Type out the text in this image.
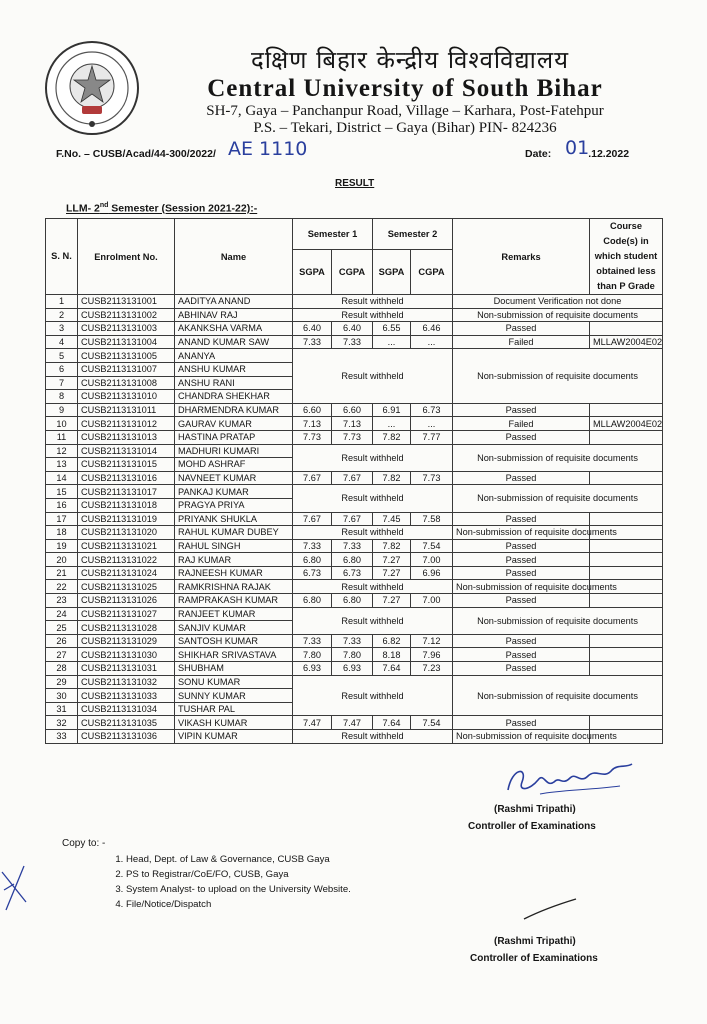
दक्षिण बिहार केन्द्रीय विश्वविद्यालय
Central University of South Bihar
SH-7, Gaya – Panchanpur Road, Village – Karhara, Post-Fatehpur
P.S. – Tekari, District – Gaya (Bihar) PIN- 824236
F.No. – CUSB/Acad/44-300/2022/ AE 1110	Date:	.12.2022
01
RESULT
LLM- 2nd Semester (Session 2021-22):-
S. N.	Enrolment No.	Name	Semester 1		Semester 2		Remarks	Course Code(s) in which student obtained less than P Grade
			SGPA	CGPA	SGPA	CGPA		
1	CUSB2113131001	AADITYA ANAND	Result withheld				Document Verification not done	
2	CUSB2113131002	ABHINAV RAJ	Result withheld				Non-submission of requisite documents	
3	CUSB2113131003	AKANKSHA VARMA	6.40	6.40	6.55	6.46	Passed	
4	CUSB2113131004	ANAND KUMAR SAW	7.33	7.33	...	...	Failed	MLLAW2004E02
5	CUSB2113131005	ANANYA	Result withheld				Non-submission of requisite documents	
6	CUSB2113131007	ANSHU KUMAR						
7	CUSB2113131008	ANSHU RANI						
8	CUSB2113131010	CHANDRA SHEKHAR						
9	CUSB2113131011	DHARMENDRA KUMAR	6.60	6.60	6.91	6.73	Passed	
10	CUSB2113131012	GAURAV KUMAR	7.13	7.13	...	...	Failed	MLLAW2004E02
11	CUSB2113131013	HASTINA PRATAP	7.73	7.73	7.82	7.77	Passed	
12	CUSB2113131014	MADHURI KUMARI	Result withheld				Non-submission of requisite documents	
13	CUSB2113131015	MOHD ASHRAF						
14	CUSB2113131016	NAVNEET KUMAR	7.67	7.67	7.82	7.73	Passed	
15	CUSB2113131017	PANKAJ KUMAR	Result withheld				Non-submission of requisite documents	
16	CUSB2113131018	PRAGYA PRIYA						
17	CUSB2113131019	PRIYANK SHUKLA	7.67	7.67	7.45	7.58	Passed	
18	CUSB2113131020	RAHUL KUMAR DUBEY	Result withheld				Non-submission of requisite documents	
19	CUSB2113131021	RAHUL SINGH	7.33	7.33	7.82	7.54	Passed	
20	CUSB2113131022	RAJ KUMAR	6.80	6.80	7.27	7.00	Passed	
21	CUSB2113131024	RAJNEESH KUMAR	6.73	6.73	7.27	6.96	Passed	
22	CUSB2113131025	RAMKRISHNA RAJAK	Result withheld				Non-submission of requisite documents	
23	CUSB2113131026	RAMPRAKASH KUMAR	6.80	6.80	7.27	7.00	Passed	
24	CUSB2113131027	RANJEET KUMAR	Result withheld				Non-submission of requisite documents	
25	CUSB2113131028	SANJIV KUMAR						
26	CUSB2113131029	SANTOSH KUMAR	7.33	7.33	6.82	7.12	Passed	
27	CUSB2113131030	SHIKHAR SRIVASTAVA	7.80	7.80	8.18	7.96	Passed	
28	CUSB2113131031	SHUBHAM	6.93	6.93	7.64	7.23	Passed	
29	CUSB2113131032	SONU KUMAR	Result withheld				Non-submission of requisite documents	
30	CUSB2113131033	SUNNY KUMAR						
31	CUSB2113131034	TUSHAR PAL						
32	CUSB2113131035	VIKASH KUMAR	7.47	7.47	7.64	7.54	Passed	
33	CUSB2113131036	VIPIN KUMAR	Result withheld				Non-submission of requisite documents	
(Rashmi Tripathi)
Controller of Examinations
Copy to: -
1. Head, Dept. of Law & Governance, CUSB Gaya
2. PS to Registrar/CoE/FO, CUSB, Gaya
3. System Analyst- to upload on the University Website.
4. File/Notice/Dispatch
(Rashmi Tripathi)
Controller of Examinations
